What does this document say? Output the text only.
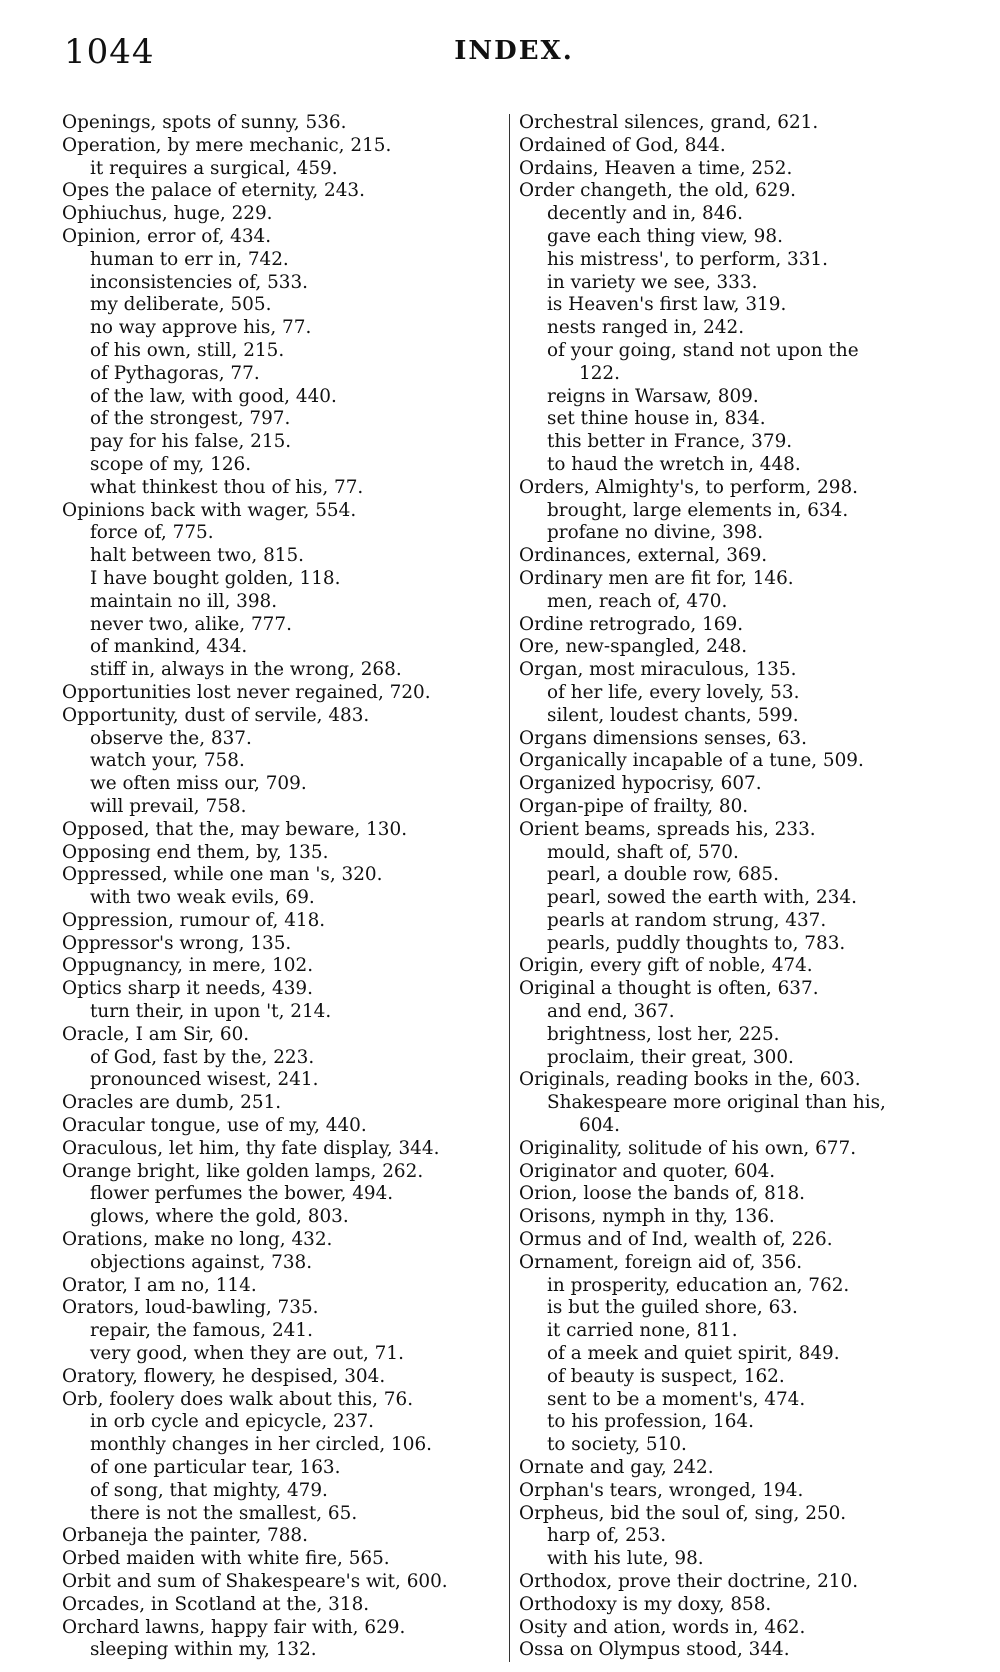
1044	INDEX.
Openings, spots of sunny, 536.
Operation, by mere mechanic, 215.
it requires a surgical, 459.
Opes the palace of eternity, 243.
Ophiuchus, huge, 229.
Opinion, error of, 434.
human to err in, 742.
inconsistencies of, 533.
my deliberate, 505.
no way approve his, 77.
of his own, still, 215.
of Pythagoras, 77.
of the law, with good, 440.
of the strongest, 797.
pay for his false, 215.
scope of my, 126.
what thinkest thou of his, 77.
Opinions back with wager, 554.
force of, 775.
halt between two, 815.
I have bought golden, 118.
maintain no ill, 398.
never two, alike, 777.
of mankind, 434.
stiff in, always in the wrong, 268.
Opportunities lost never regained, 720.
Opportunity, dust of servile, 483.
observe the, 837.
watch your, 758.
we often miss our, 709.
will prevail, 758.
Opposed, that the, may beware, 130.
Opposing end them, by, 135.
Oppressed, while one man 's, 320.
with two weak evils, 69.
Oppression, rumour of, 418.
Oppressor's wrong, 135.
Oppugnancy, in mere, 102.
Optics sharp it needs, 439.
turn their, in upon 't, 214.
Oracle, I am Sir, 60.
of God, fast by the, 223.
pronounced wisest, 241.
Oracles are dumb, 251.
Oracular tongue, use of my, 440.
Oraculous, let him, thy fate display, 344.
Orange bright, like golden lamps, 262.
flower perfumes the bower, 494.
glows, where the gold, 803.
Orations, make no long, 432.
objections against, 738.
Orator, I am no, 114.
Orators, loud-bawling, 735.
repair, the famous, 241.
very good, when they are out, 71.
Oratory, flowery, he despised, 304.
Orb, foolery does walk about this, 76.
in orb cycle and epicycle, 237.
monthly changes in her circled, 106.
of one particular tear, 163.
of song, that mighty, 479.
there is not the smallest, 65.
Orbaneja the painter, 788.
Orbed maiden with white fire, 565.
Orbit and sum of Shakespeare's wit, 600.
Orcades, in Scotland at the, 318.
Orchard lawns, happy fair with, 629.
sleeping within my, 132.
Orchestral silences, grand, 621.
Ordained of God, 844.
Ordains, Heaven a time, 252.
Order changeth, the old, 629.
decently and in, 846.
gave each thing view, 98.
his mistress', to perform, 331.
in variety we see, 333.
is Heaven's first law, 319.
nests ranged in, 242.
of your going, stand not upon the
122.
reigns in Warsaw, 809.
set thine house in, 834.
this better in France, 379.
to haud the wretch in, 448.
Orders, Almighty's, to perform, 298.
brought, large elements in, 634.
profane no divine, 398.
Ordinances, external, 369.
Ordinary men are fit for, 146.
men, reach of, 470.
Ordine retrogrado, 169.
Ore, new-spangled, 248.
Organ, most miraculous, 135.
of her life, every lovely, 53.
silent, loudest chants, 599.
Organs dimensions senses, 63.
Organically incapable of a tune, 509.
Organized hypocrisy, 607.
Organ-pipe of frailty, 80.
Orient beams, spreads his, 233.
mould, shaft of, 570.
pearl, a double row, 685.
pearl, sowed the earth with, 234.
pearls at random strung, 437.
pearls, puddly thoughts to, 783.
Origin, every gift of noble, 474.
Original a thought is often, 637.
and end, 367.
brightness, lost her, 225.
proclaim, their great, 300.
Originals, reading books in the, 603.
Shakespeare more original than his,
604.
Originality, solitude of his own, 677.
Originator and quoter, 604.
Orion, loose the bands of, 818.
Orisons, nymph in thy, 136.
Ormus and of Ind, wealth of, 226.
Ornament, foreign aid of, 356.
in prosperity, education an, 762.
is but the guiled shore, 63.
it carried none, 811.
of a meek and quiet spirit, 849.
of beauty is suspect, 162.
sent to be a moment's, 474.
to his profession, 164.
to society, 510.
Ornate and gay, 242.
Orphan's tears, wronged, 194.
Orpheus, bid the soul of, sing, 250.
harp of, 253.
with his lute, 98.
Orthodox, prove their doctrine, 210.
Orthodoxy is my doxy, 858.
Osity and ation, words in, 462.
Ossa on Olympus stood, 344.
